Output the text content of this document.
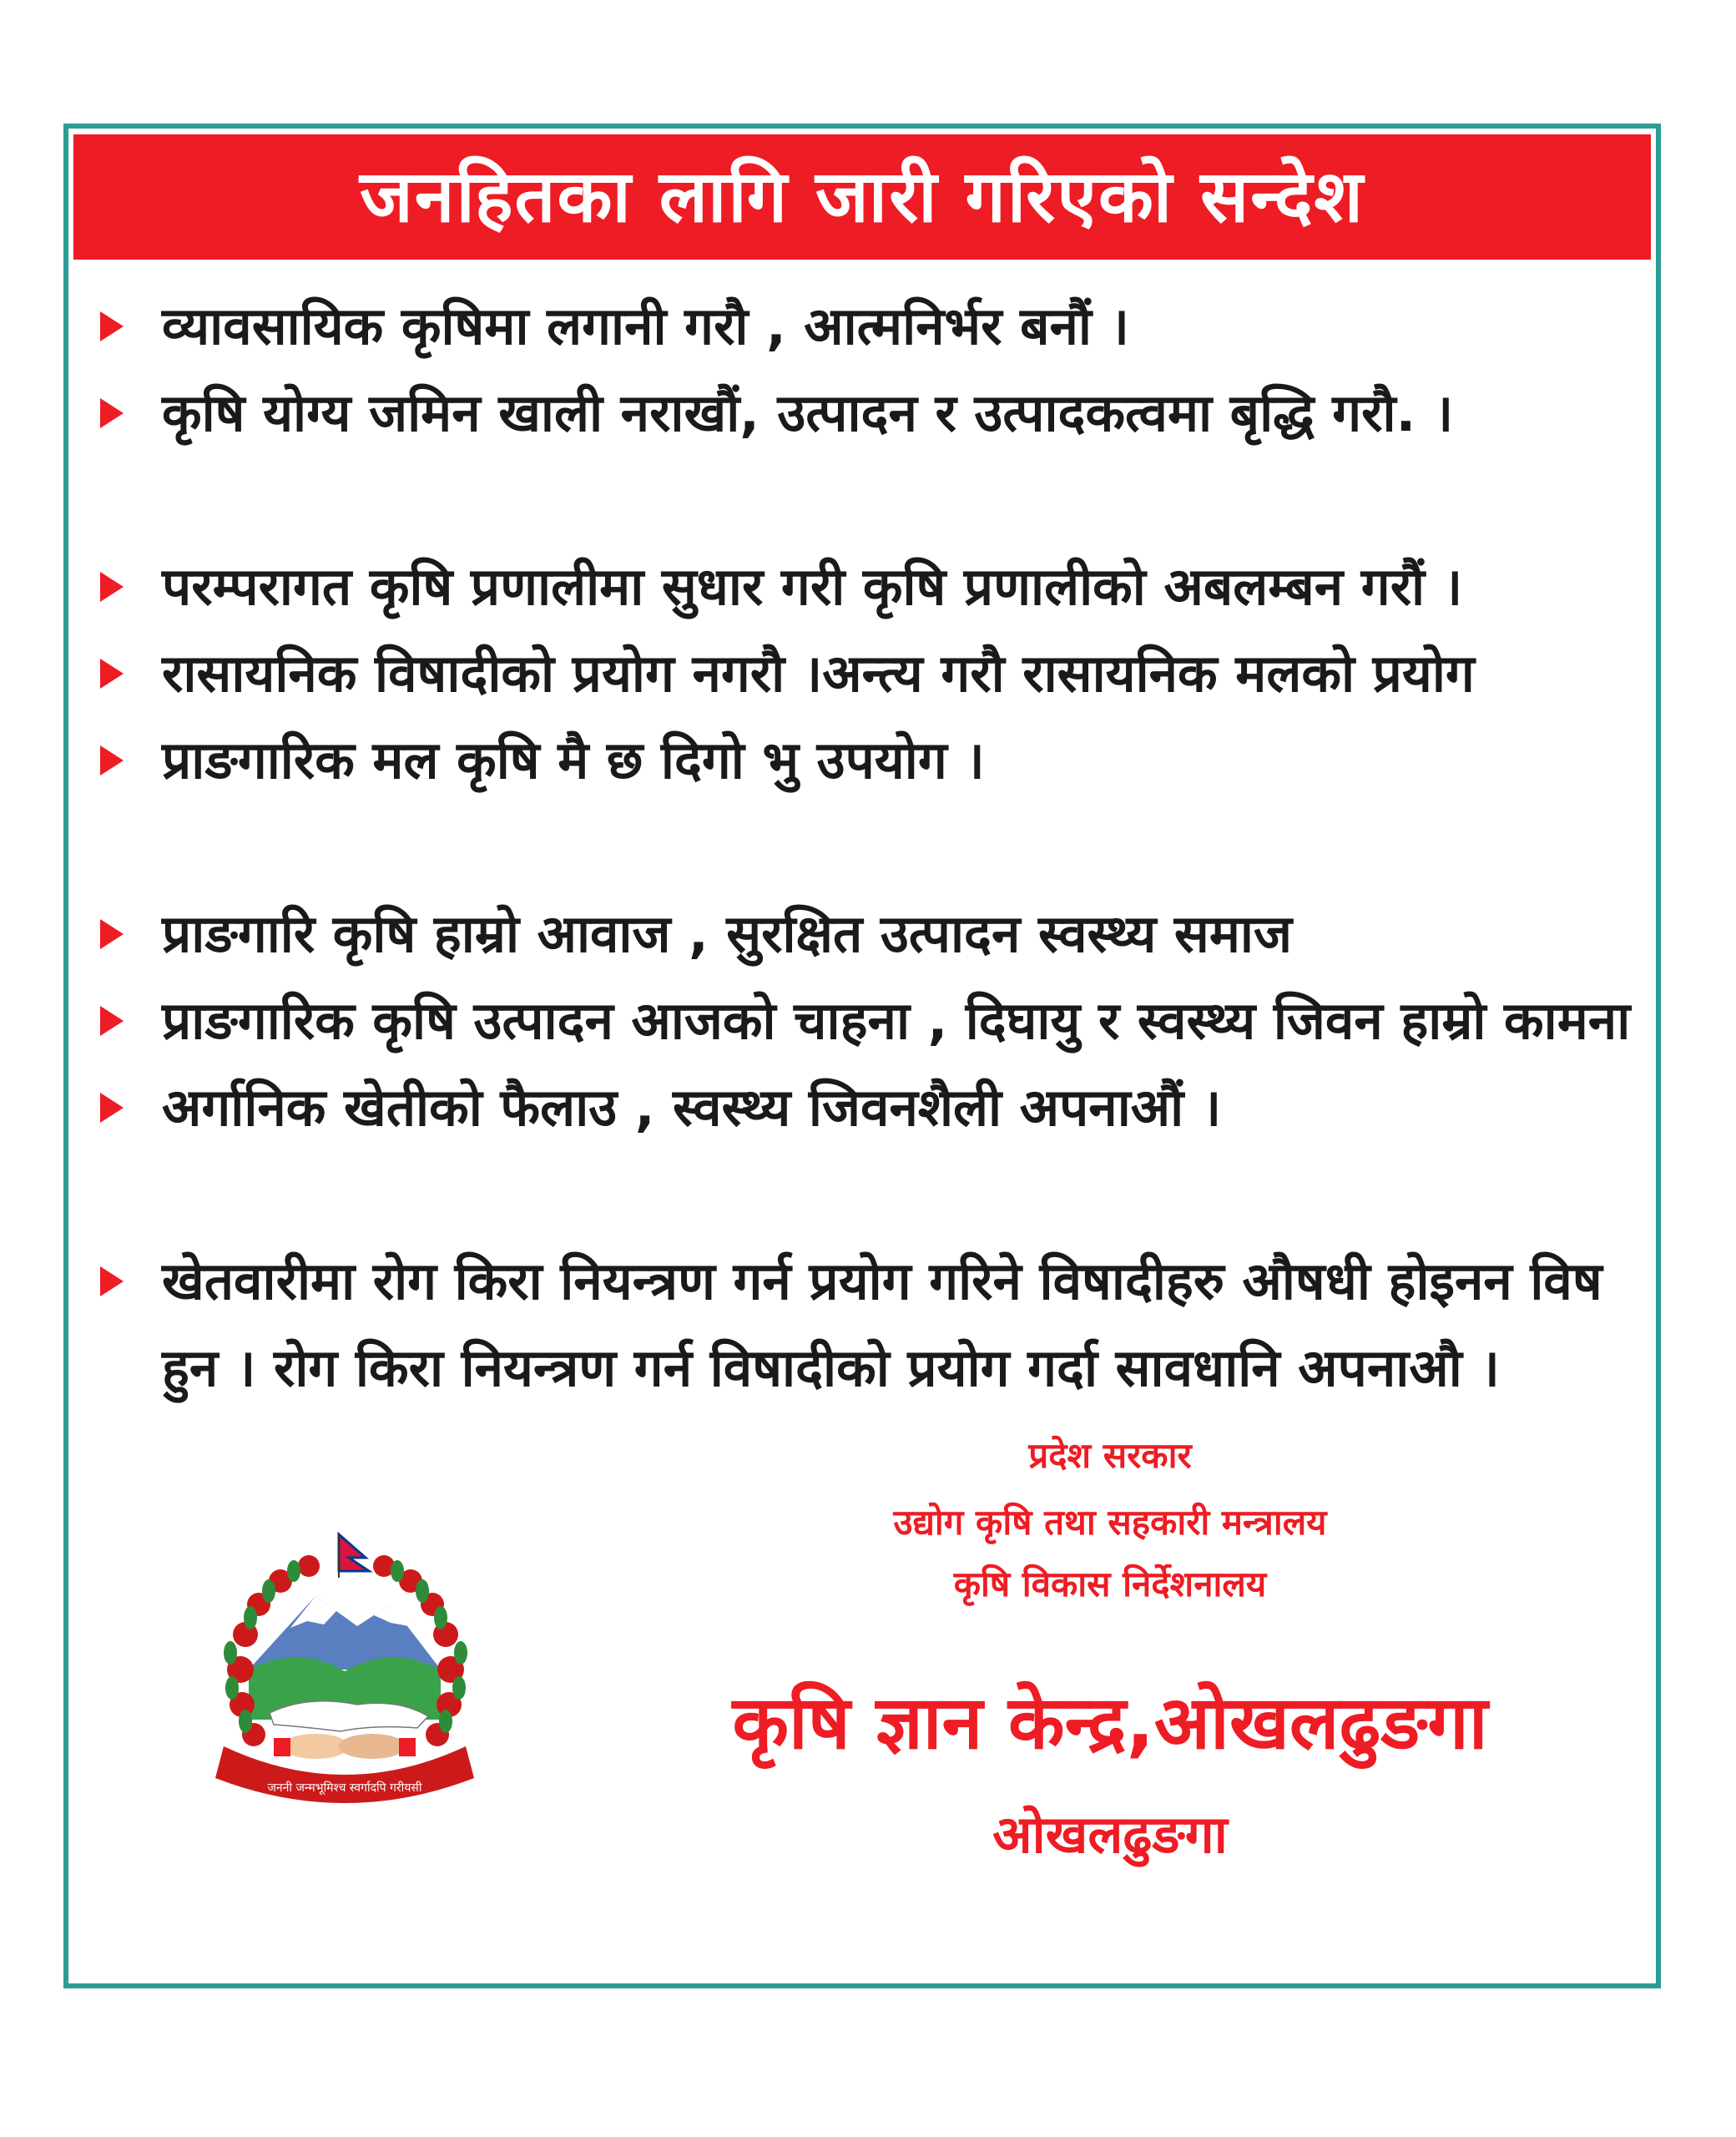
जनहितका लागि जारी गरिएको सन्देश
व्यावसायिक कृषिमा लगानी गरौ , आत्मनिर्भर बनौं ।
कृषि योग्य जमिन खाली नराखौं, उत्पादन र उत्पादकत्वमा बृद्धि गरौ. ।
परम्परागत कृषि प्रणालीमा सुधार गरी कृषि प्रणालीको अबलम्बन गरौं ।
रासायनिक विषादीको प्रयोग नगरौ ।अन्त्य गरौ रासायनिक मलको प्रयोग
प्राङगारिक मल कृषि मै छ दिगो भु उपयोग ।
प्राङगारि कृषि हाम्रो आवाज , सुरक्षित उत्पादन स्वस्थ्य समाज
प्राङगारिक कृषि उत्पादन आजको चाहना , दिघायु र स्वस्थ्य जिवन हाम्रो कामना
अर्गानिक खेतीको फैलाउ , स्वस्थ्य जिवनशैली अपनाऔं ।
खेतवारीमा रोग किरा नियन्त्रण गर्न प्रयोग गरिने विषादीहरु औषधी होइनन विष हुन । रोग किरा नियन्त्रण गर्न विषादीको प्रयोग गर्दा सावधानि अपनाऔ ।
जननी जन्मभूमिश्च स्वर्गादपि गरीयसी

प्रदेश सरकार

उद्योग कृषि तथा सहकारी मन्त्रालय

कृषि विकास निर्देशनालय

कृषि ज्ञान केन्द्र,ओखलढुङगा
ओखलढुङगा
